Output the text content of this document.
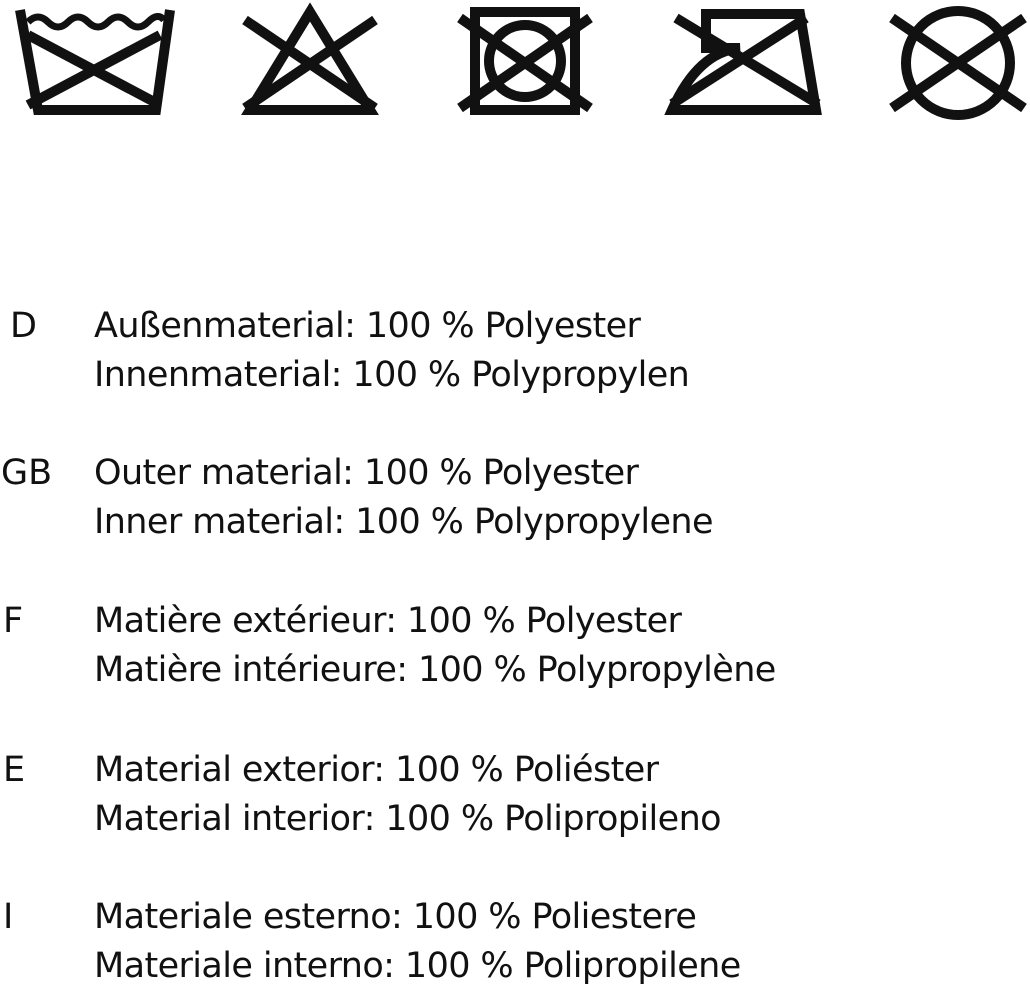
D	Außenmaterial: 100 % Polyester
Innenmaterial: 100 % Polypropylen
GB	Outer material: 100 % Polyester
Inner material: 100 % Polypropylene
F	Matière extérieur: 100 % Polyester
Matière intérieure: 100 % Polypropylène
E	Material exterior: 100 % Poliéster
Material interior: 100 % Polipropileno
I	Materiale esterno: 100 % Poliestere
Materiale interno: 100 % Polipropilene
